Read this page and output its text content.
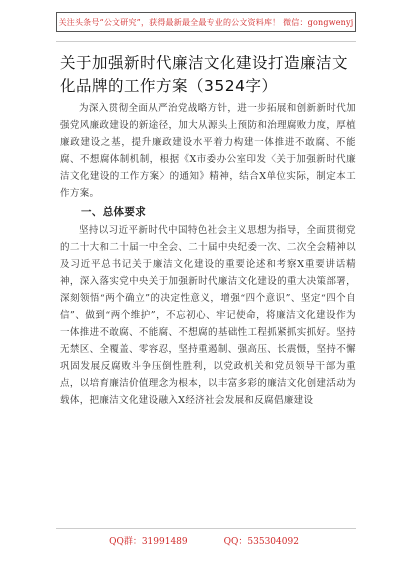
关注头条号“公文研究”，获得最新最全最专业的公文资料库！ 微信：gongwenyj
关于加强新时代廉洁文化建设打造廉洁文化品牌的工作方案（3524字）

为深入贯彻全面从严治党战略方针，进一步拓展和创新新时代加强党风廉政建设的新途径，加大从源头上预防和治理腐败力度，厚植廉政建设之基，提升廉政建设水平着力构建一体推进不敢腐、不能腐、不想腐体制机制，根据《X市委办公室印发〈关于加强新时代廉洁文化建设的工作方案〉的通知》精神，结合X单位实际，制定本工作方案。

一、总体要求

坚持以习近平新时代中国特色社会主义思想为指导，全面贯彻党的二十大和二十届一中全会、二十届中央纪委一次、二次全会精神以及习近平总书记关于廉洁文化建设的重要论述和考察X重要讲话精神，深入落实党中央关于加强新时代廉洁文化建设的重大决策部署，深刻领悟“两个确立”的决定性意义，增强“四个意识”、坚定“四个自信”、做到“两个维护”，不忘初心、牢记使命，将廉洁文化建设作为一体推进不敢腐、不能腐、不想腐的基础性工程抓紧抓实抓好。坚持无禁区、全覆盖、零容忍，坚持重遏制、强高压、长震慑，坚持不懈巩固发展反腐败斗争压倒性胜利，以党政机关和党员领导干部为重点，以培育廉洁价值理念为根本，以丰富多彩的廉洁文化创建活动为载体，把廉洁文化建设融入X经济社会发展和反腐倡廉建设

QQ群：31991489	QQ：535304092
